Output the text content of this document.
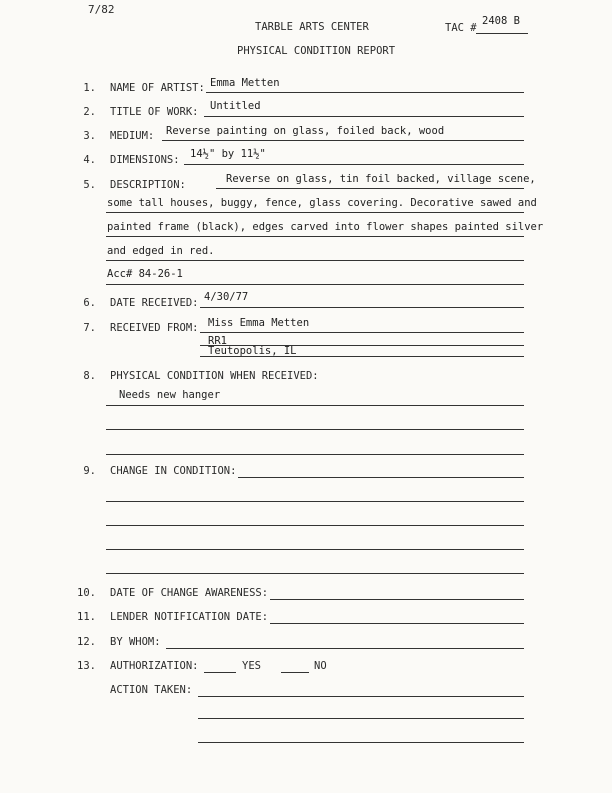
7/82
TARBLE ARTS CENTER	TAC #
2408 B
PHYSICAL CONDITION REPORT
1. NAME OF ARTIST: Emma Metten
2. TITLE OF WORK: Untitled
3. MEDIUM: Reverse painting on glass, foiled back, wood
4. DIMENSIONS: 14½" by 11½"
5. DESCRIPTION:	Reverse on glass, tin foil backed, village scene,
some tall houses, buggy, fence, glass covering. Decorative sawed and
painted frame (black), edges carved into flower shapes painted silver
and edged in red.
Acc# 84-26-1
6. DATE RECEIVED: 4/30/77
7. RECEIVED FROM: Miss Emma Metten
RR1
Teutopolis, IL
8. PHYSICAL CONDITION WHEN RECEIVED:
Needs new hanger
9. CHANGE IN CONDITION:
10. DATE OF CHANGE AWARENESS:
11. LENDER NOTIFICATION DATE:
12. BY WHOM:
13. AUTHORIZATION:	YES	NO
ACTION TAKEN:
